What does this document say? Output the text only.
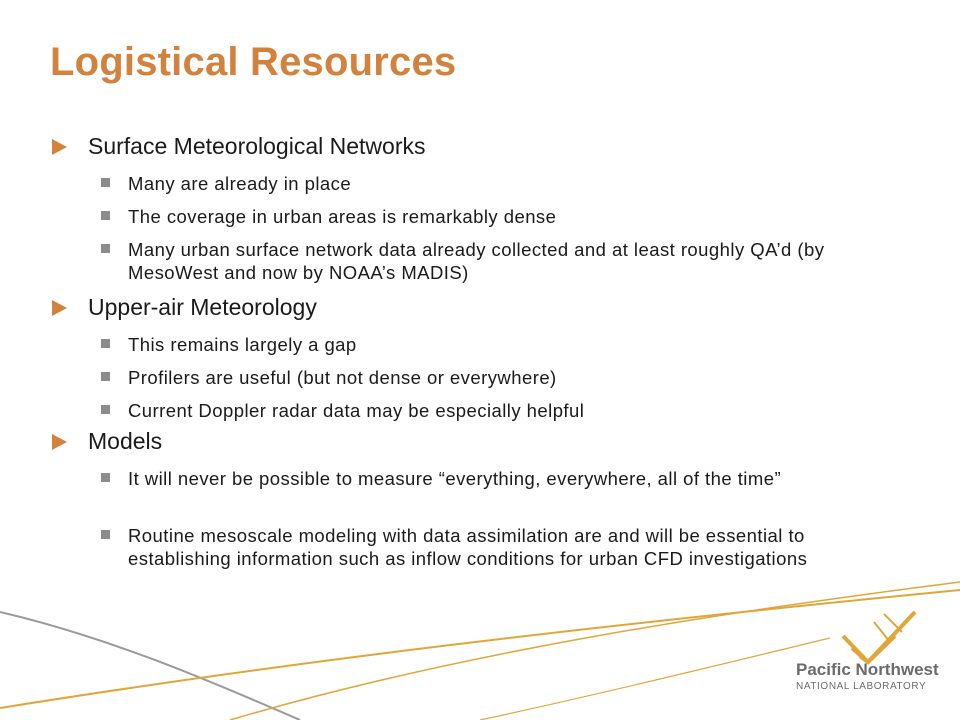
Logistical Resources
Surface Meteorological Networks
Many are already in place
The coverage in urban areas is remarkably dense
Many urban surface network data already collected and at least roughly QA’d (by MesoWest and now by NOAA’s MADIS)
Upper-air Meteorology
This remains largely a gap
Profilers are useful (but not dense or everywhere)
Current Doppler radar data may be especially helpful
Models
It will never be possible to measure “everything, everywhere, all of the time”
Routine mesoscale modeling with data assimilation are and will be essential to establishing information such as inflow conditions for urban CFD investigations
Pacific Northwest
NATIONAL LABORATORY
